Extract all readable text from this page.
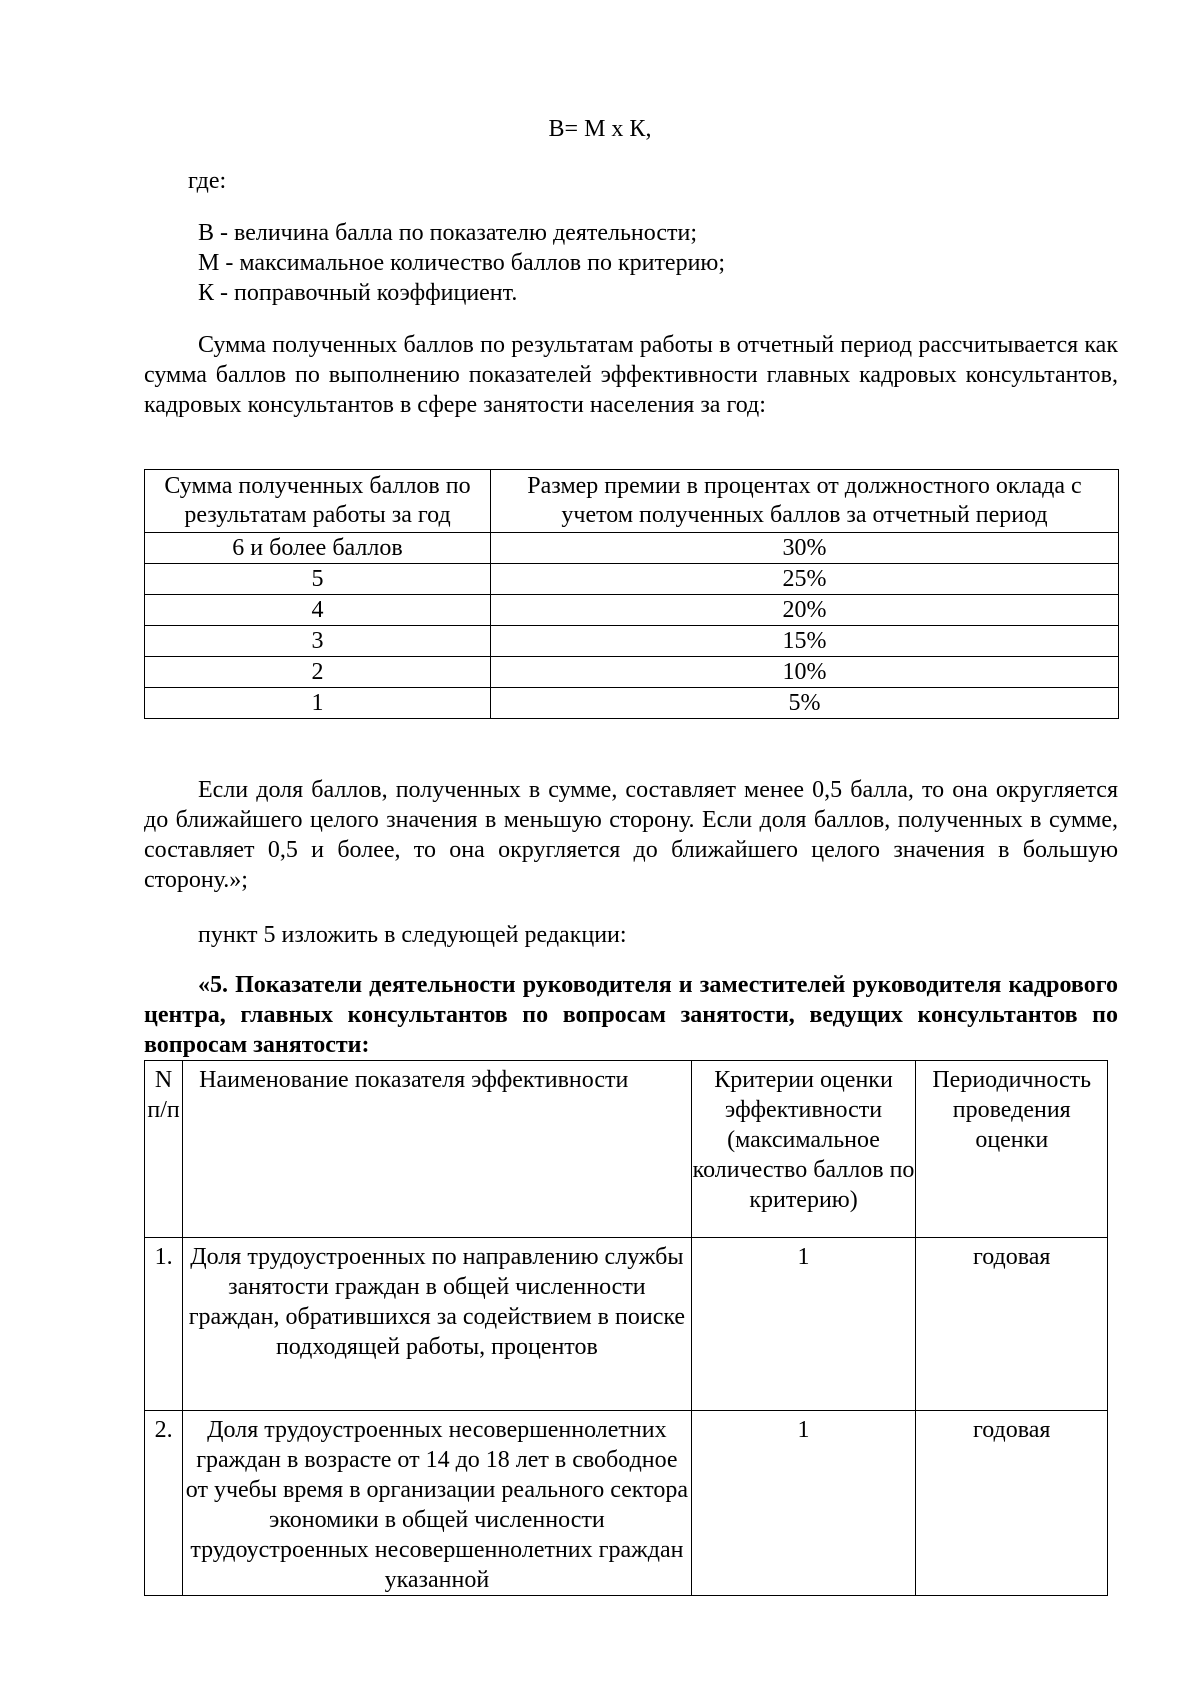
В= М х К,
где:
В - величина балла по показателю деятельности;
М - максимальное количество баллов по критерию;
К - поправочный коэффициент.
Сумма полученных баллов по результатам работы в отчетный период рассчитывается как сумма баллов по выполнению показателей эффективности главных кадровых консультантов, кадровых консультантов в сфере занятости населения за год:
Сумма полученных баллов по результатам работы за год	Размер премии в процентах от должностного оклада с учетом полученных баллов за отчетный период
6 и более баллов	30%
5	25%
4	20%
3	15%
2	10%
1	5%
Если доля баллов, полученных в сумме, составляет менее 0,5 балла, то она округляется до ближайшего целого значения в меньшую сторону. Если доля баллов, полученных в сумме, составляет 0,5 и более, то она округляется до ближайшего целого значения в большую сторону.»;
пункт 5 изложить в следующей редакции:
«5. Показатели деятельности руководителя и заместителей руководителя кадрового центра, главных консультантов по вопросам занятости, ведущих консультантов по вопросам занятости:
N п/п	Наименование показателя эффективности	Критерии оценки эффективности (максимальное количество баллов по критерию)	Периодичность проведения оценки
1.	Доля трудоустроенных по направлению службы занятости граждан в общей численности граждан, обратившихся за содействием в поиске подходящей работы, процентов	1	годовая
2.	Доля трудоустроенных несовершеннолетних граждан в возрасте от 14 до 18 лет в свободное от учебы время в организации реального сектора экономики в общей численности трудоустроенных несовершеннолетних граждан указанной	1	годовая
